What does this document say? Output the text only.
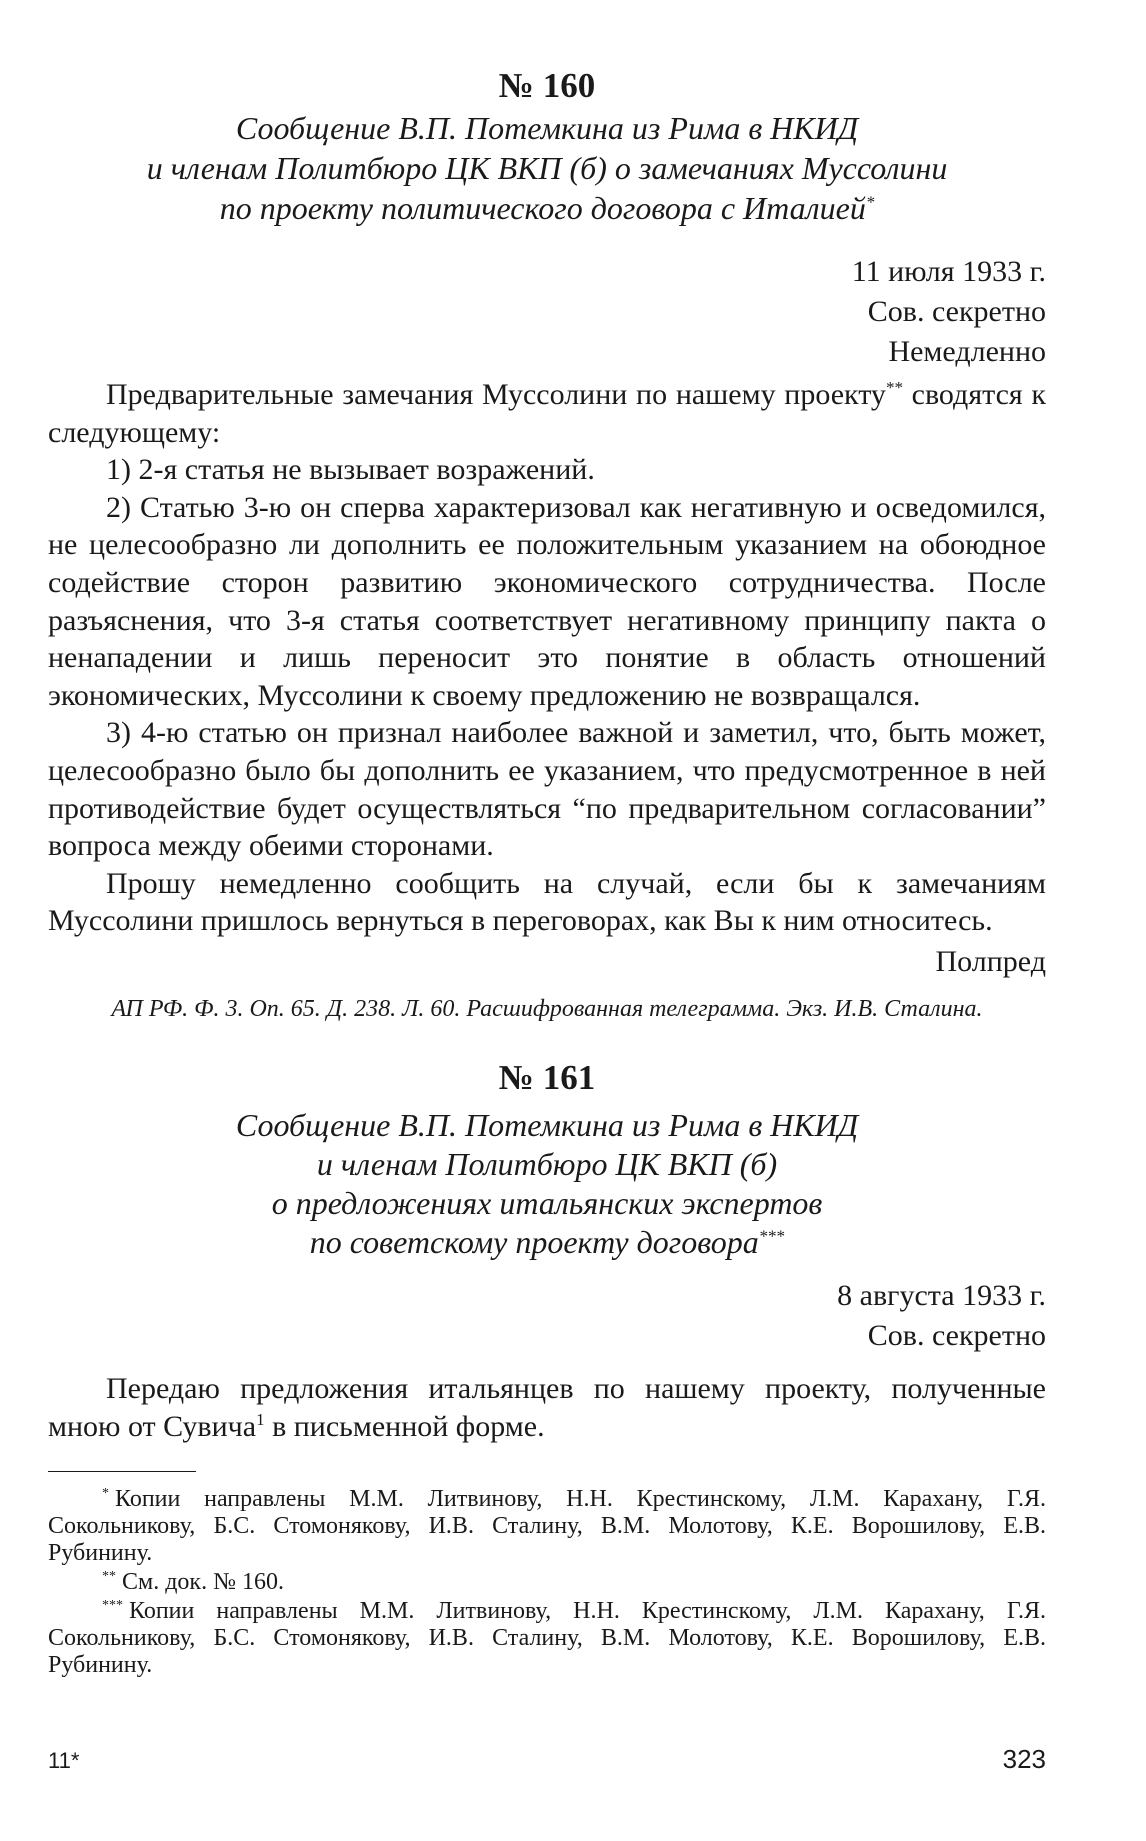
№ 160
Сообщение В.П. Потемкина из Рима в НКИД
и членам Политбюро ЦК ВКП (б) о замечаниях Муссолини
по проекту политического договора с Италией*
11 июля 1933 г.
Сов. секретно
Немедленно

Предварительные замечания Муссолини по нашему проекту** сводятся к следующему:

1) 2-я статья не вызывает возражений.

2) Статью 3-ю он сперва характеризовал как негативную и осведомился, не целесообразно ли дополнить ее положительным указанием на обоюдное содействие сторон развитию экономического сотрудничества. После разъяснения, что 3-я статья соответствует негативному принципу пакта о ненападении и лишь переносит это понятие в область отношений экономических, Муссолини к своему предложению не возвращался.

3) 4-ю статью он признал наиболее важной и заметил, что, быть может, целесообразно было бы дополнить ее указанием, что предусмотренное в ней противодействие будет осуществляться “по предварительном согласовании” вопроса между обеими сторонами.

Прошу немедленно сообщить на случай, если бы к замечаниям Муссолини пришлось вернуться в переговорах, как Вы к ним относитесь.

Полпред
АП РФ. Ф. 3. Оп. 65. Д. 238. Л. 60. Расшифрованная телеграмма. Экз. И.В. Сталина.
№ 161
Сообщение В.П. Потемкина из Рима в НКИД
и членам Политбюро ЦК ВКП (б)
о предложениях итальянских экспертов
по советскому проекту договора***
8 августа 1933 г.
Сов. секретно

Передаю предложения итальянцев по нашему проекту, полученные мною от Сувича$^1$ в письменной форме.

* Копии направлены М.М. Литвинову, Н.Н. Крестинскому, Л.М. Карахану, Г.Я. Сокольникову, Б.С. Стомонякову, И.В. Сталину, В.М. Молотову, К.Е. Ворошилову, Е.В. Рубинину.

** См. док. № 160.

*** Копии направлены М.М. Литвинову, Н.Н. Крестинскому, Л.М. Карахану, Г.Я. Сокольникову, Б.С. Стомонякову, И.В. Сталину, В.М. Молотову, К.Е. Ворошилову, Е.В. Рубинину.

11*	323
